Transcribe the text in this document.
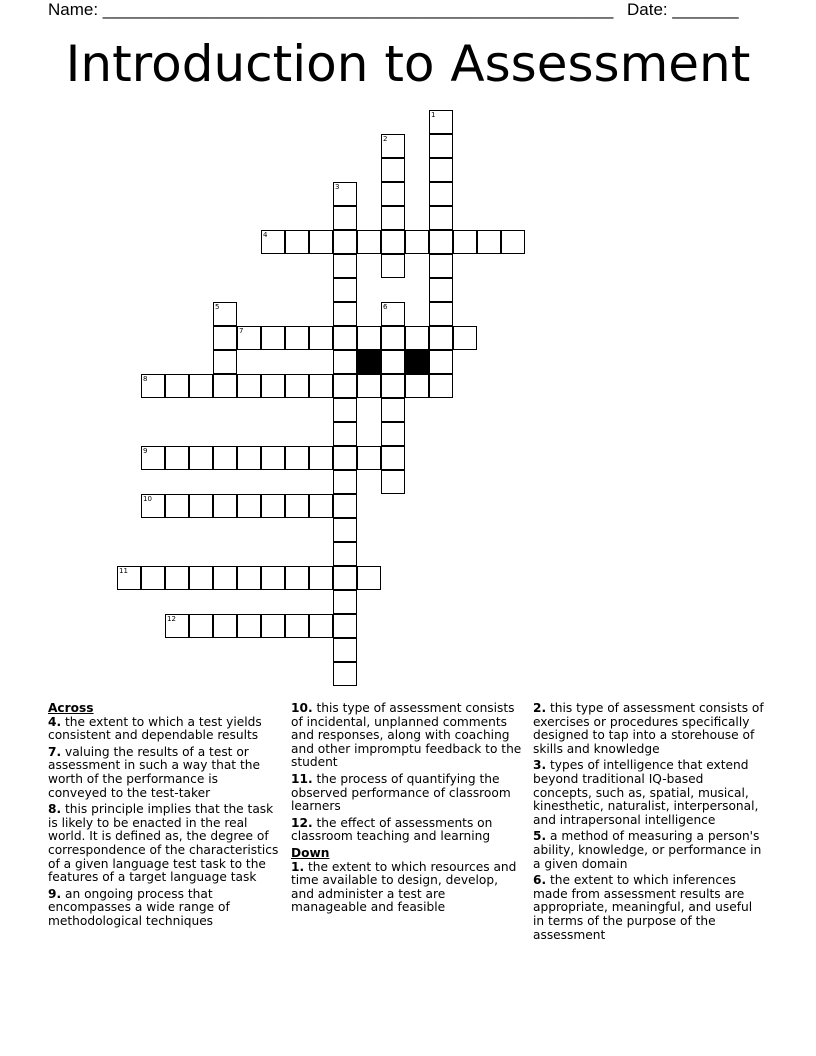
Name: ______________________________________________________ Date: _______
Introduction to Assessment
1
2
3
4
5	6
7
8
9
10
11
12

Across

4. the extent to which a test yields consistent and dependable results

7. valuing the results of a test or assessment in such a way that the worth of the performance is conveyed to the test-taker

8. this principle implies that the task is likely to be enacted in the real world. It is defined as, the degree of correspondence of the characteristics of a given language test task to the features of a target language task

9. an ongoing process that encompasses a wide range of methodological techniques

10. this type of assessment consists of incidental, unplanned comments and responses, along with coaching and other impromptu feedback to the student

11. the process of quantifying the observed performance of classroom learners

12. the effect of assessments on classroom teaching and learning

Down

1. the extent to which resources and time available to design, develop, and administer a test are manageable and feasible

2. this type of assessment consists of exercises or procedures specifically designed to tap into a storehouse of skills and knowledge

3. types of intelligence that extend beyond traditional IQ-based concepts, such as, spatial, musical, kinesthetic, naturalist, interpersonal, and intrapersonal intelligence

5. a method of measuring a person's ability, knowledge, or performance in a given domain

6. the extent to which inferences made from assessment results are appropriate, meaningful, and useful in terms of the purpose of the assessment
